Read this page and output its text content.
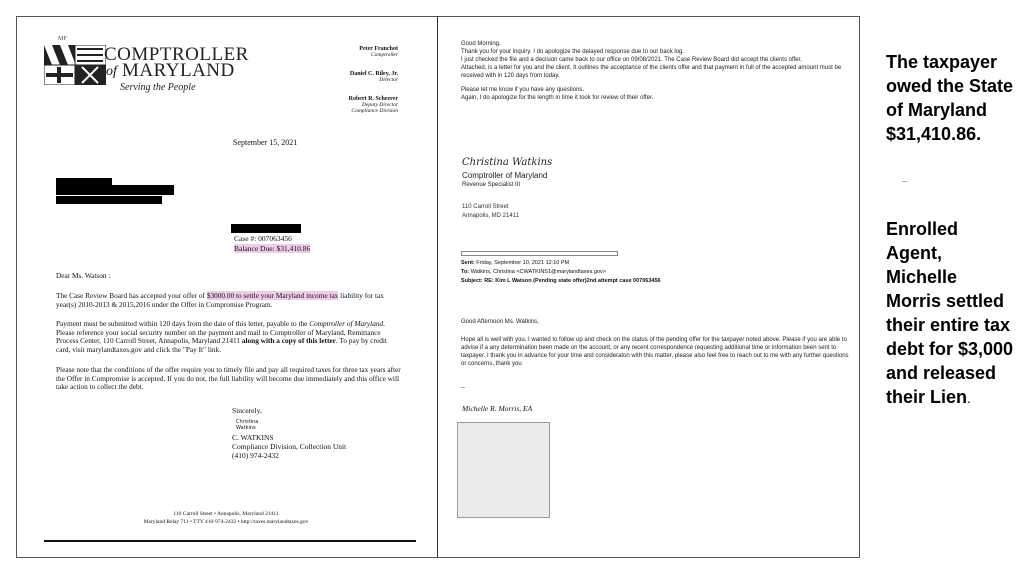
MF
COMPTROLLER
of MARYLAND
Serving the People
Peter Franchot
Comptroller
Daniel C. Riley, Jr.
Director
Robert R. Scheerer
Deputy Director
Compliance Division
September 15, 2021
Case #: 007063456
Balance Due: $31,410.86
Dear Ms. Watson :
The Case Review Board has accepted your offer of $3000.00 to settle your Maryland income tax liability for tax year(s) 2010-2013 & 2015,2016 under the Offer in Compromise Program.
Payment must be submitted within 120 days from the date of this letter, payable to the Comptroller of Maryland. Please reference your social security number on the payment and mail to Comptroller of Maryland, Remittance Process Center, 110 Carroll Street, Annapolis, Maryland 21411 along with a copy of this letter. To pay by credit card, visit marylandtaxes.gov and click the "Pay It" link.
Please note that the conditions of the offer require you to timely file and pay all required taxes for three tax years after the Offer in Compromise is accepted. If you do not, the full liability will become due immediately and this office will take action to collect the debt.
Sincerely,
Christina
Watkins
C. WATKINS
Compliance Division, Collection Unit
(410) 974-2432
110 Carroll Street • Annapolis, Maryland 21411
Maryland Relay 711 • TTY 410-974-2432 • http://taxes.marylandtaxes.gov
Good Morning,
Thank you for your inquiry. I do apologize the delayed response due to our back log.
I just checked the file and a decision came back to our office on 09/08/2021. The Case Review Board did accept the clients offer.
Attached, is a letter for you and the client. It outlines the acceptance of the clients offer and that payment in full of the accepted amount must be received with in 120 days from today.
Please let me know if you have any questions.
Again, I do apologize for the length in time it took for review of their offer.
Christina Watkins
Comptroller of Maryland
Revenue Specialist III
110 Carroll Street
Annapolis, MD 21411
Sent: Friday, September 10, 2021 12:10 PM
To: Watkins, Christina <CWATKINS1@marylandtaxes.gov>
Subject: RE: Kim L Watson (Pending state offer)2nd attempt case 007063456
Good Afternoon Ms. Watkins,
Hope all is well with you. I wanted to follow up and check on the status of the pending offer for the taxpayer noted above. Please if you are able to advise if a any determination been made on the account, or any recent correspondence requesting additional time or information been sent to taxpayer. I thank you in advance for your time and consideraton with this matter, please also feel free to reach out to me with any further questions or concerns, thank you
--
Michelle R. Morris, EA
The taxpayer owed the State of Maryland $31,410.86.
Enrolled Agent, Michelle Morris settled their entire tax debt for $3,000 and released their Lien.
